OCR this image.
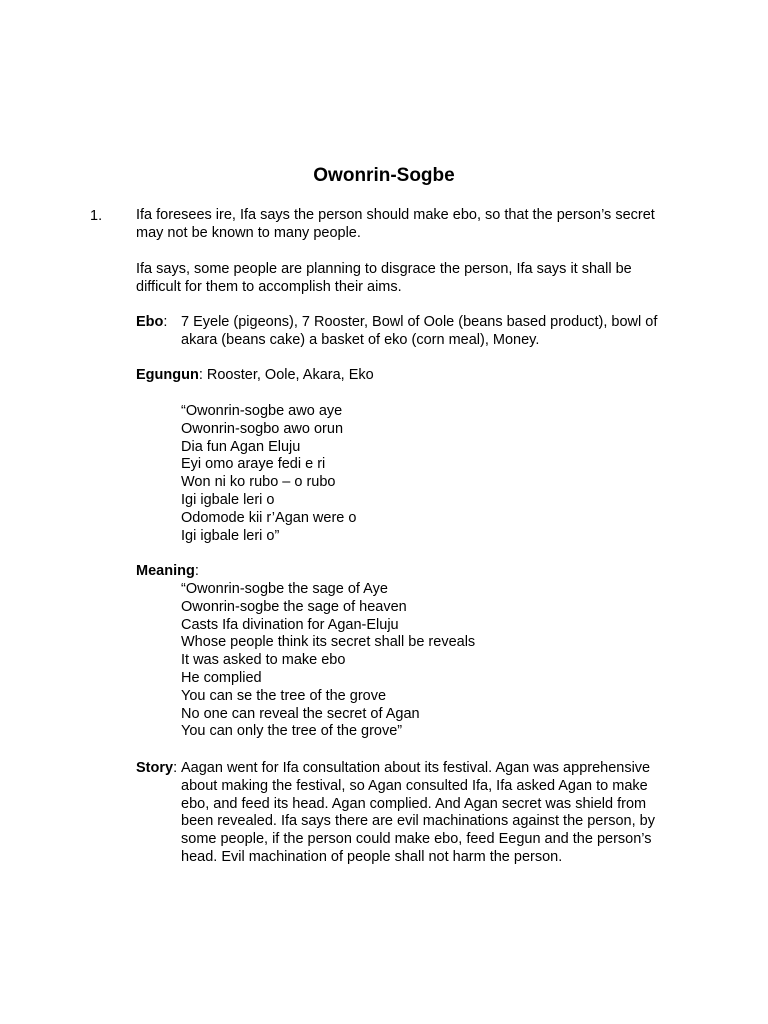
Owonrin-Sogbe
1. Ifa foresees ire, Ifa says the person should make ebo, so that the person’s secret
may not be known to many people.
Ifa says, some people are planning to disgrace the person, Ifa says it shall be
difficult for them to accomplish their aims.
Ebo: 7 Eyele (pigeons), 7 Rooster, Bowl of Oole (beans based product), bowl of
akara (beans cake) a basket of eko (corn meal), Money.
Egungun: Rooster, Oole, Akara, Eko
“Owonrin-sogbe awo aye
Owonrin-sogbo awo orun
Dia fun Agan Eluju
Eyi omo araye fedi e ri
Won ni ko rubo – o rubo
Igi igbale leri o
Odomode kii r’Agan were o
Igi igbale leri o”
Meaning:
“Owonrin-sogbe the sage of Aye
Owonrin-sogbe the sage of heaven
Casts Ifa divination for Agan-Eluju
Whose people think its secret shall be reveals
It was asked to make ebo
He complied
You can se the tree of the grove
No one can reveal the secret of Agan
You can only the tree of the grove”
Story: Aagan went for Ifa consultation about its festival. Agan was apprehensive
about making the festival, so Agan consulted Ifa, Ifa asked Agan to make
ebo, and feed its head. Agan complied. And Agan secret was shield from
been revealed. Ifa says there are evil machinations against the person, by
some people, if the person could make ebo, feed Eegun and the person’s
head. Evil machination of people shall not harm the person.
